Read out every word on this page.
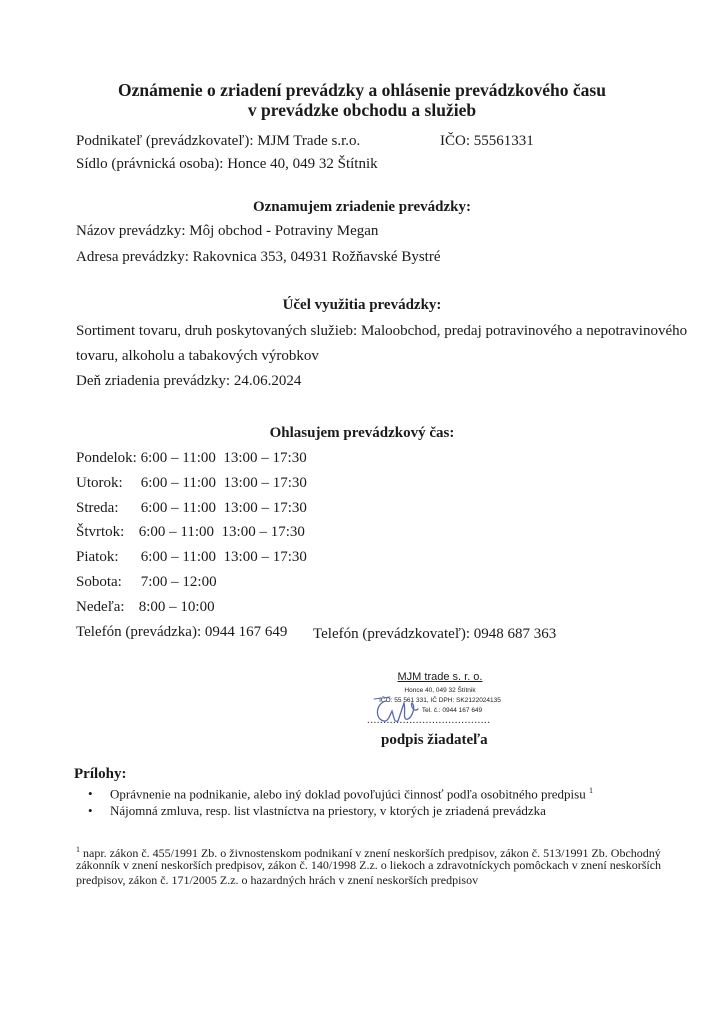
Oznámenie o zriadení prevádzky a ohlásenie prevádzkového času
v prevádzke obchodu a služieb
Podnikateľ (prevádzkovateľ): MJM Trade s.r.o.	IČO: 55561331
Sídlo (právnická osoba): Honce 40, 049 32 Štítnik
Oznamujem zriadenie prevádzky:
Názov prevádzky: Môj obchod - Potraviny Megan
Adresa prevádzky: Rakovnica 353, 04931 Rožňavské Bystré
Účel využitia prevádzky:
Sortiment tovaru, druh poskytovaných služieb: Maloobchod, predaj potravinového a nepotravinového
tovaru, alkoholu a tabakových výrobkov
Deň zriadenia prevádzky: 24.06.2024
Ohlasujem prevádzkový čas:
Pondelok: 6:00 – 11:00  13:00 – 17:30
Utorok: 6:00 – 11:00  13:00 – 17:30
Streda: 6:00 – 11:00  13:00 – 17:30
Štvrtok: 6:00 – 11:00  13:00 – 17:30
Piatok: 6:00 – 11:00  13:00 – 17:30
Sobota: 7:00 – 12:00
Nedeľa: 8:00 – 10:00
Telefón (prevádzka): 0944 167 649 Telefón (prevádzkovateľ): 0948 687 363
MJM trade s. r. o.
Honce 40, 049 32 Štítnik
IČO: 55 561 331, IČ DPH: SK2122024135
Tel. č.: 0944 167 649
......................................
podpis žiadateľa
Prílohy:
• Oprávnenie na podnikanie, alebo iný doklad povoľujúci činnosť podľa osobitného predpisu $^1$
• Nájomná zmluva, resp. list vlastníctva na priestory, v ktorých je zriadená prevádzka
$^1$ napr. zákon č. 455/1991 Zb. o živnostenskom podnikaní v znení neskorších predpisov, zákon č. 513/1991 Zb. Obchodný
zákonník v znení neskorších predpisov, zákon č. 140/1998 Z.z. o liekoch a zdravotníckych pomôckach v znení neskorších
predpisov, zákon č. 171/2005 Z.z. o hazardných hrách v znení neskorších predpisov
